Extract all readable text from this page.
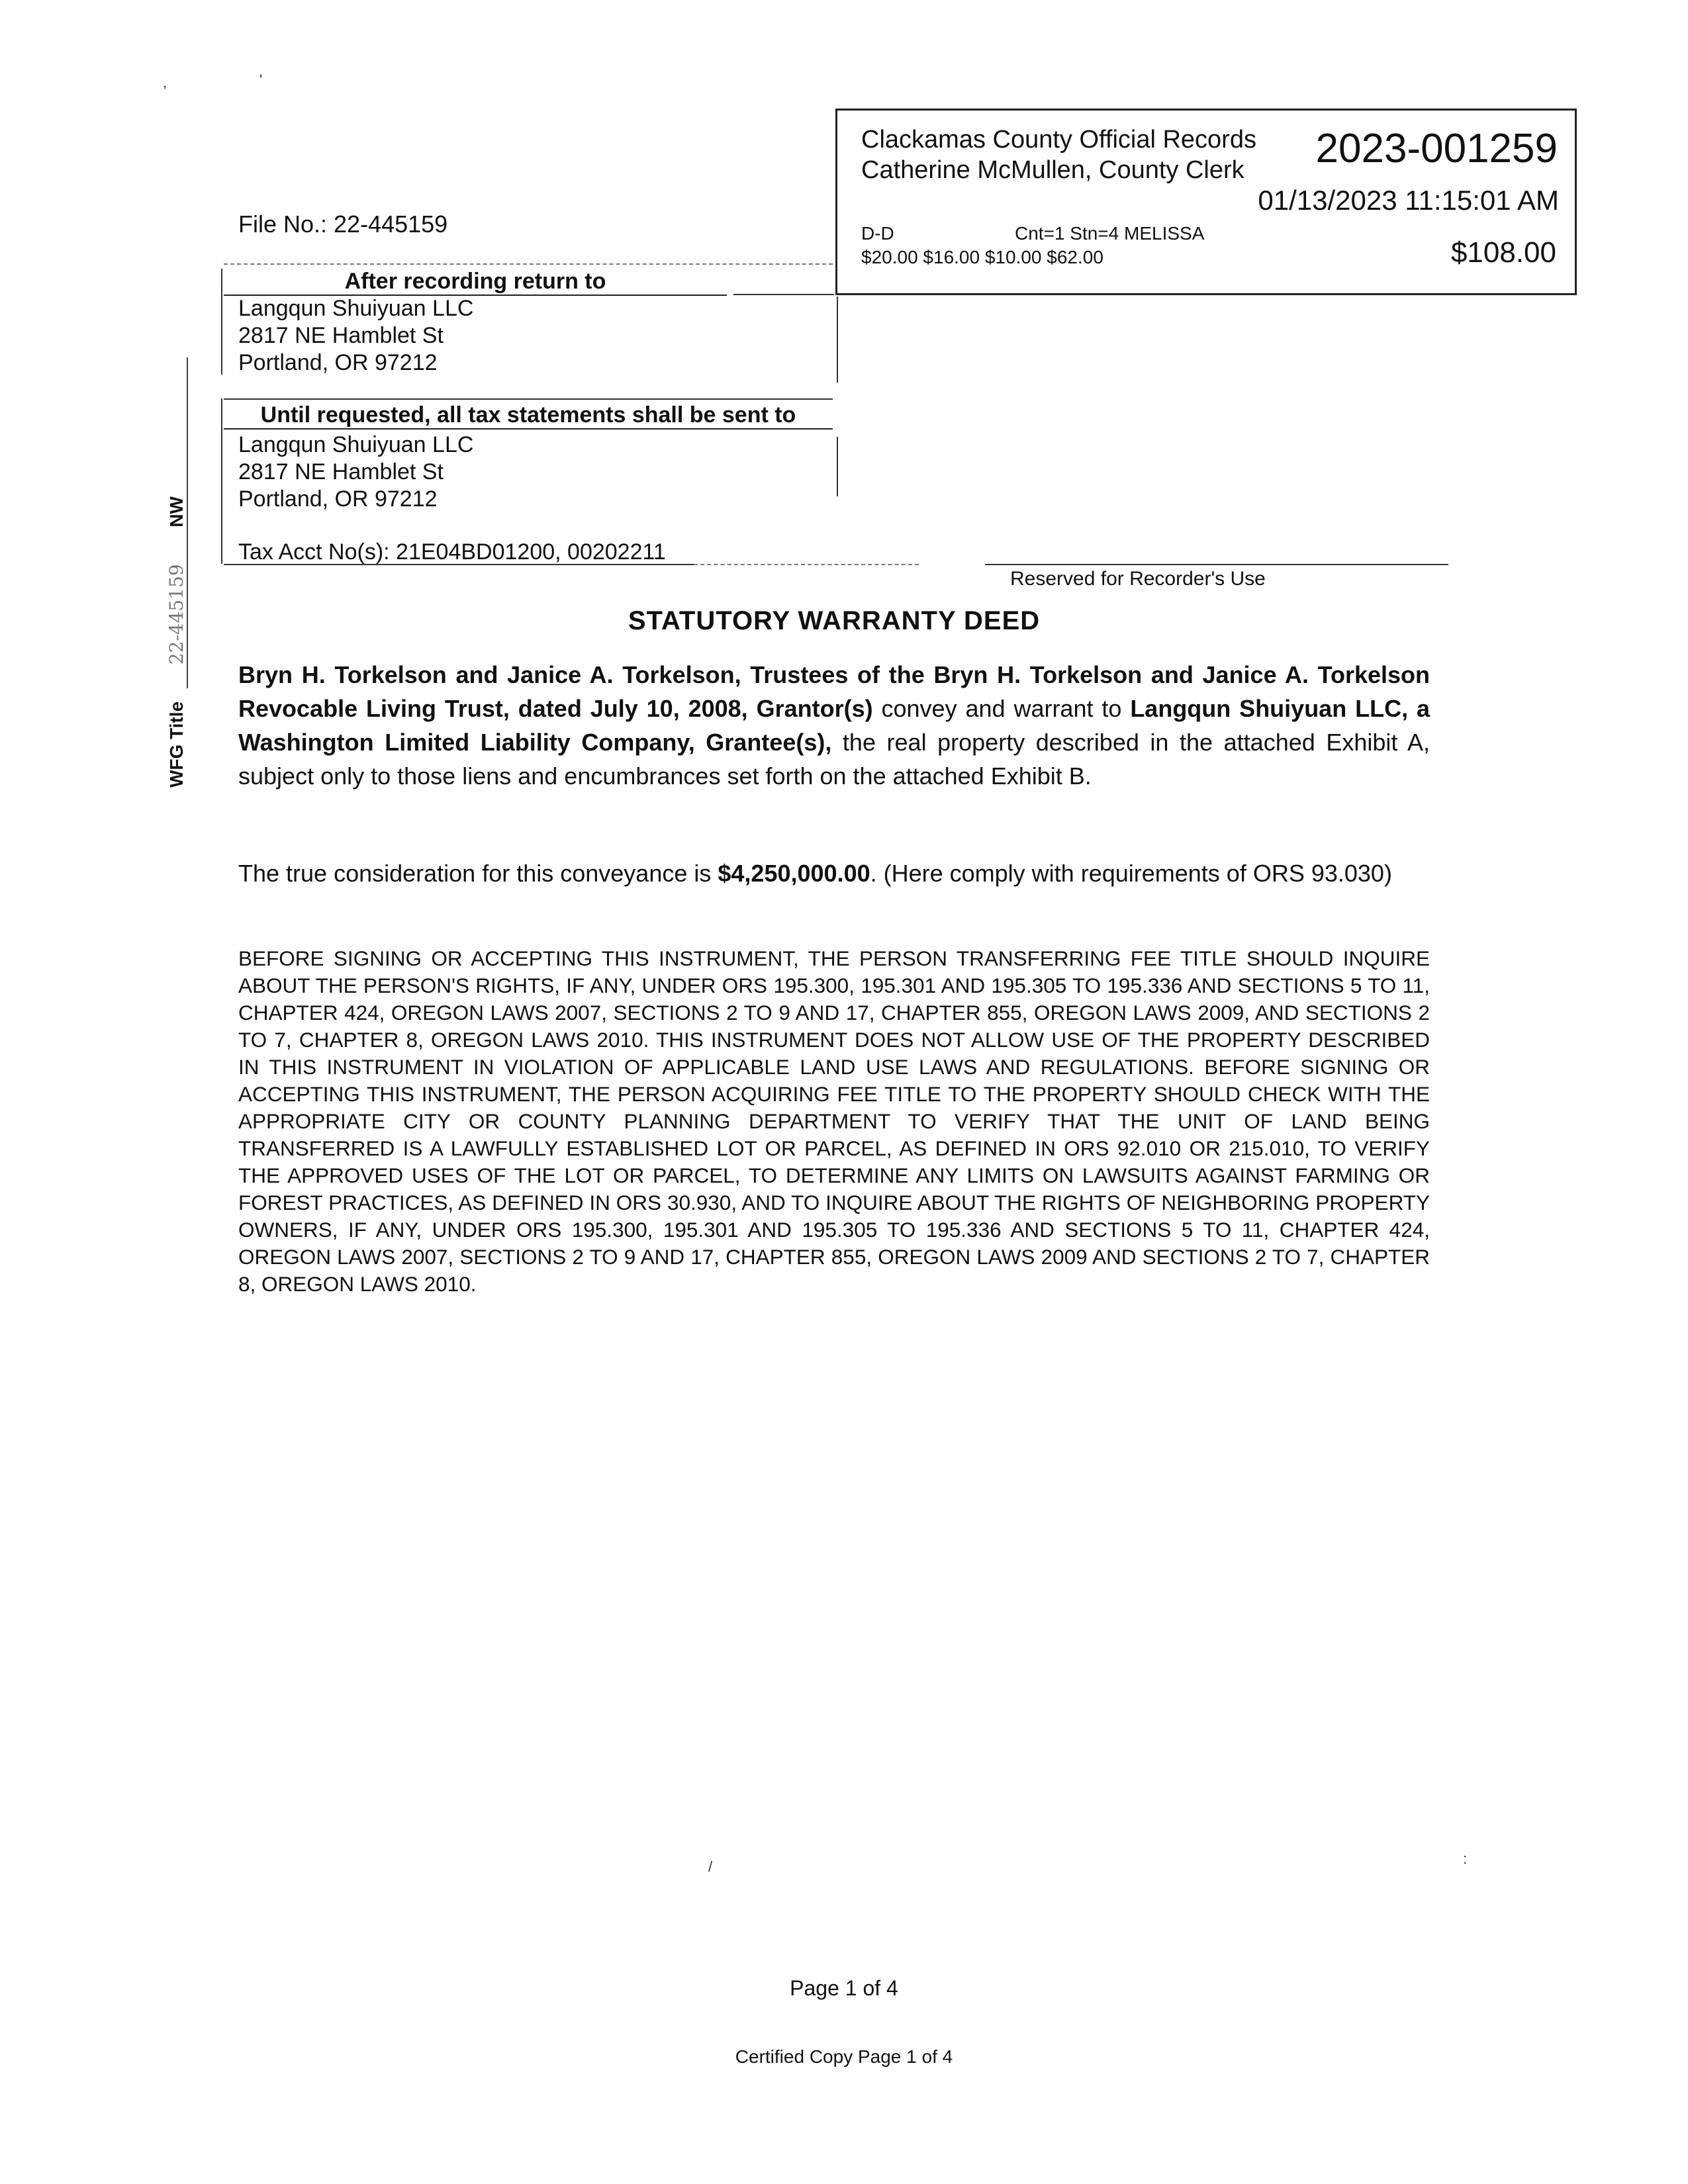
,	'
/	:
Clackamas County Official Records
Catherine McMullen, County Clerk 2023-001259
01/13/2023 11:15:01 AM
D-D	Cnt=1 Stn=4 MELISSA
$20.00 $16.00 $10.00 $62.00	$108.00
File No.: 22-445159
After recording return to
Langqun Shuiyuan LLC
2817 NE Hamblet St
Portland, OR 97212
Until requested, all tax statements shall be sent to
Langqun Shuiyuan LLC
2817 NE Hamblet St
Portland, OR 97212
Tax Acct No(s): 21E04BD01200, 00202211
Reserved for Recorder's Use
WFG Title  22-445159  NW
STATUTORY WARRANTY DEED
Bryn H. Torkelson and Janice A. Torkelson, Trustees of the Bryn H. Torkelson and Janice A. Torkelson Revocable Living Trust, dated July 10, 2008, Grantor(s) convey and warrant to Langqun Shuiyuan LLC, a Washington Limited Liability Company, Grantee(s), the real property described in the attached Exhibit A, subject only to those liens and encumbrances set forth on the attached Exhibit B.
The true consideration for this conveyance is $4,250,000.00. (Here comply with requirements of ORS 93.030)
BEFORE SIGNING OR ACCEPTING THIS INSTRUMENT, THE PERSON TRANSFERRING FEE TITLE SHOULD INQUIRE ABOUT THE PERSON'S RIGHTS, IF ANY, UNDER ORS 195.300, 195.301 AND 195.305 TO 195.336 AND SECTIONS 5 TO 11, CHAPTER 424, OREGON LAWS 2007, SECTIONS 2 TO 9 AND 17, CHAPTER 855, OREGON LAWS 2009, AND SECTIONS 2 TO 7, CHAPTER 8, OREGON LAWS 2010. THIS INSTRUMENT DOES NOT ALLOW USE OF THE PROPERTY DESCRIBED IN THIS INSTRUMENT IN VIOLATION OF APPLICABLE LAND USE LAWS AND REGULATIONS. BEFORE SIGNING OR ACCEPTING THIS INSTRUMENT, THE PERSON ACQUIRING FEE TITLE TO THE PROPERTY SHOULD CHECK WITH THE APPROPRIATE CITY OR COUNTY PLANNING DEPARTMENT TO VERIFY THAT THE UNIT OF LAND BEING TRANSFERRED IS A LAWFULLY ESTABLISHED LOT OR PARCEL, AS DEFINED IN ORS 92.010 OR 215.010, TO VERIFY THE APPROVED USES OF THE LOT OR PARCEL, TO DETERMINE ANY LIMITS ON LAWSUITS AGAINST FARMING OR FOREST PRACTICES, AS DEFINED IN ORS 30.930, AND TO INQUIRE ABOUT THE RIGHTS OF NEIGHBORING PROPERTY OWNERS, IF ANY, UNDER ORS 195.300, 195.301 AND 195.305 TO 195.336 AND SECTIONS 5 TO 11, CHAPTER 424, OREGON LAWS 2007, SECTIONS 2 TO 9 AND 17, CHAPTER 855, OREGON LAWS 2009 AND SECTIONS 2 TO 7, CHAPTER 8, OREGON LAWS 2010.
Page 1 of 4
Certified Copy Page 1 of 4
